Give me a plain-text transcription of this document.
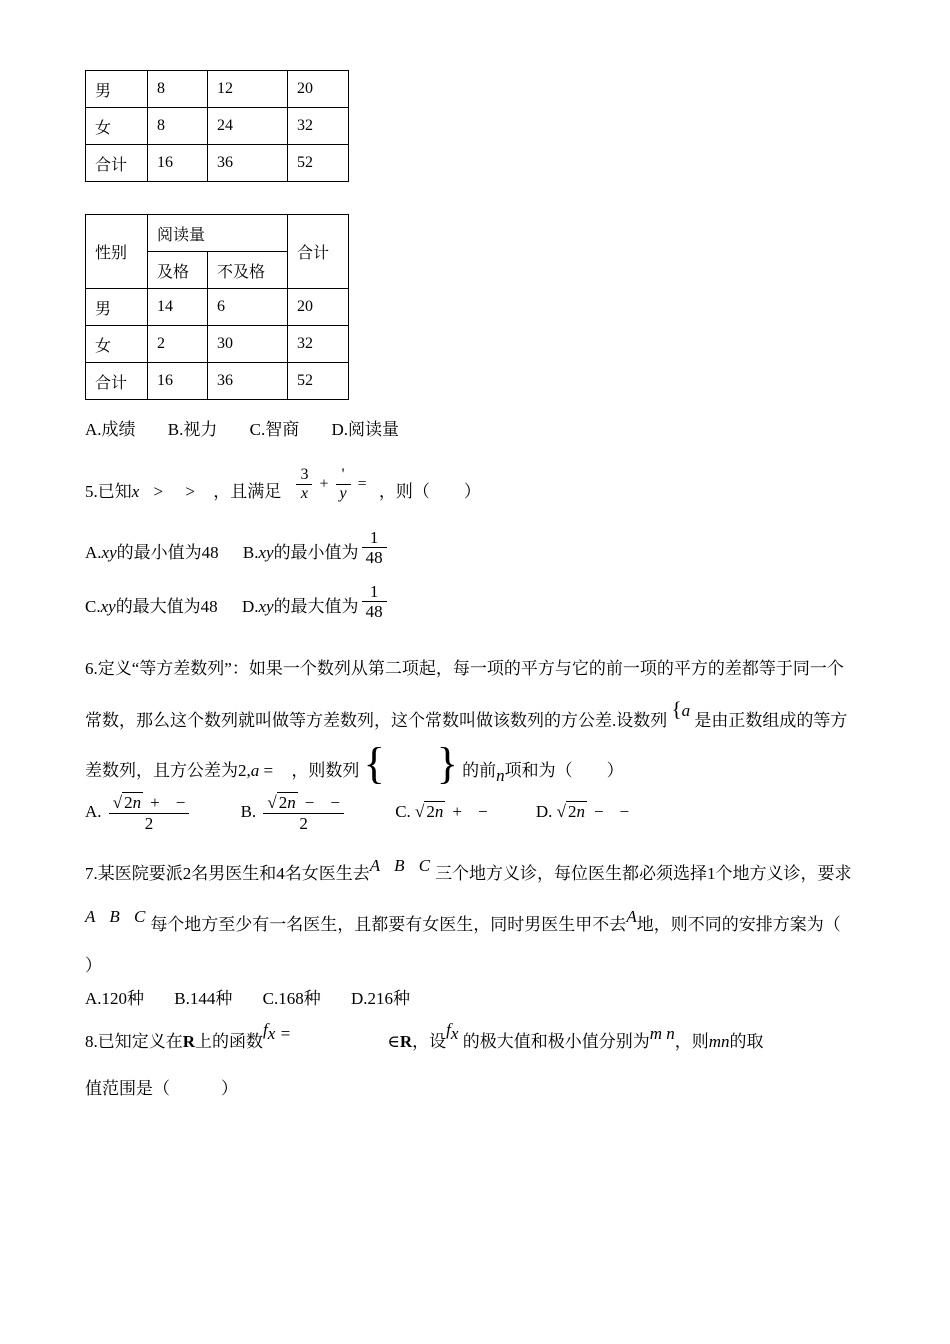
男	8	12	20
女	8	24	32
合计	16	36	52
性别	阅读量		合计
	及格	不及格	
男	14	6	20
女	2	30	32
合计	16	36	52
A.成绩 B.视力 C.智商 D.阅读量
5.已知x > > ，且满足 $\frac{3}{x} + \frac{'}{y}$ = ，则（　　）
A.xy的最小值为48 B.xy的最小值为 $\frac{1}{48}$
C.xy的最大值为48 D.xy的最大值为 $\frac{1}{48}$
6.定义“等方差数列”：如果一个数列从第二项起，每一项的平方与它的前一项的平方的差都等于同一个
常数，那么这个数列就叫做等方差数列，这个常数叫做该数列的方公差.设数列 {a 是由正数组成的等方
差数列，且方公差为2,a = ，则数列 { } 的前n项和为（　　）
A. $\frac{√ 2n + -}{2}$	B. $\frac{√ 2n - -}{2}$	C. √ 2n + −	D. √ 2n − −
7.某医院要派2名男医生和4名女医生去A B C三个地方义诊，每位医生都必须选择1个地方义诊，要求
A B C每个地方至少有一名医生，且都要有女医生，同时男医生甲不去A地，则不同的安排方案为（
）
A.120种 B.144种 C.168种 D.216种
8.已知定义在R上的函数fx =	∈R，设fx 的极大值和极小值分别为m n，则mn的取
值范围是（　　　）
